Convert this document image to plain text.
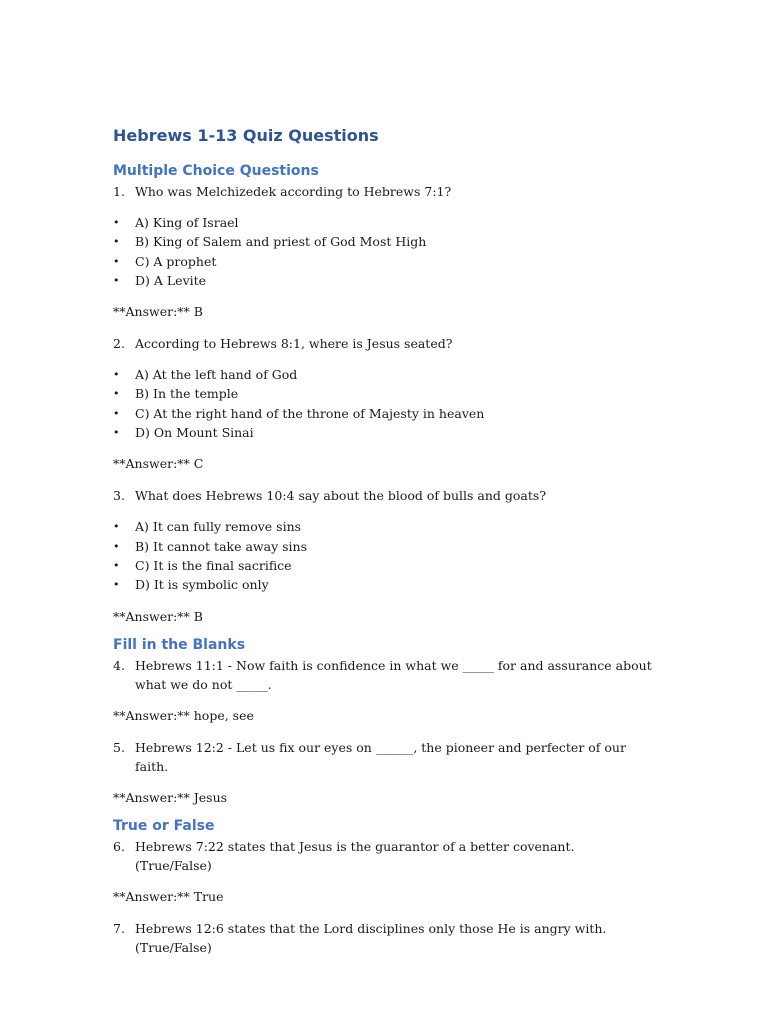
Hebrews 1-13 Quiz Questions
Multiple Choice Questions
1. Who was Melchizedek according to Hebrews 7:1?
•	A) King of Israel
•	B) King of Salem and priest of God Most High
•	C) A prophet
•	D) A Levite

**Answer:** B

2. According to Hebrews 8:1, where is Jesus seated?
•	A) At the left hand of God
•	B) In the temple
•	C) At the right hand of the throne of Majesty in heaven
•	D) On Mount Sinai

**Answer:** C

3. What does Hebrews 10:4 say about the blood of bulls and goats?
•	A) It can fully remove sins
•	B) It cannot take away sins
•	C) It is the final sacrifice
•	D) It is symbolic only

**Answer:** B

Fill in the Blanks
4. Hebrews 11:1 - Now faith is confidence in what we _____ for and assurance about what we do not _____.

**Answer:** hope, see

5. Hebrews 12:2 - Let us fix our eyes on ______, the pioneer and perfecter of our faith.

**Answer:** Jesus

True or False
6. Hebrews 7:22 states that Jesus is the guarantor of a better covenant. (True/False)

**Answer:** True

7. Hebrews 12:6 states that the Lord disciplines only those He is angry with. (True/False)
